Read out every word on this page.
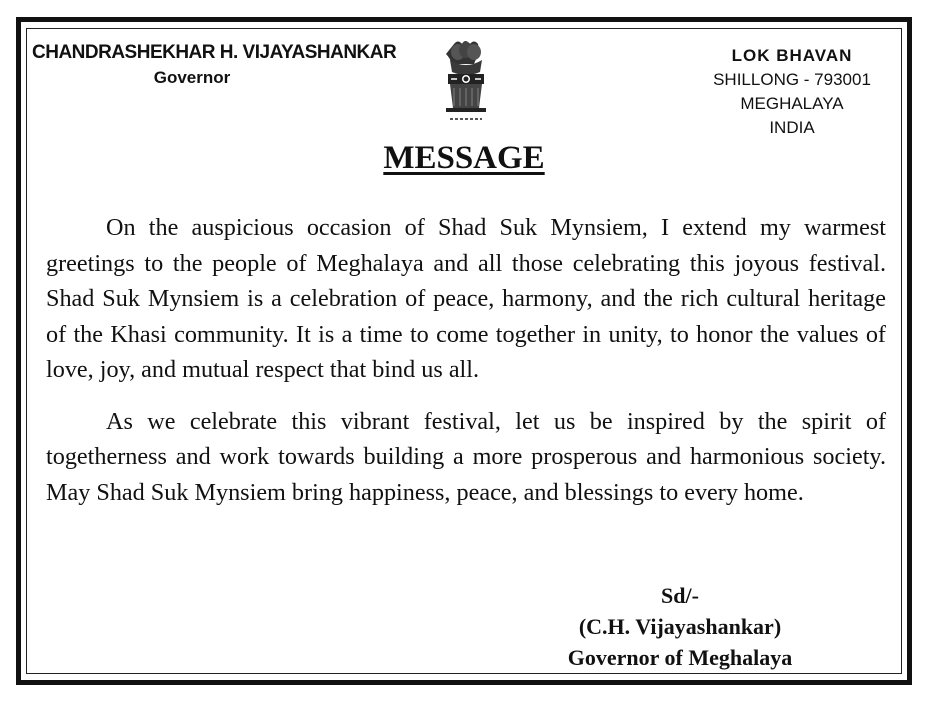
CHANDRASHEKHAR H. VIJAYASHANKAR
Governor
LOK BHAVAN
SHILLONG - 793001
MEGHALAYA
INDIA
MESSAGE

On the auspicious occasion of Shad Suk Mynsiem, I extend my warmest greetings to the people of Meghalaya and all those celebrating this joyous festival. Shad Suk Mynsiem is a celebration of peace, harmony, and the rich cultural heritage of the Khasi community. It is a time to come together in unity, to honor the values of love, joy, and mutual respect that bind us all.

As we celebrate this vibrant festival, let us be inspired by the spirit of togetherness and work towards building a more prosperous and harmonious society. May Shad Suk Mynsiem bring happiness, peace, and blessings to every home.

Sd/-
(C.H. Vijayashankar)
Governor of Meghalaya
